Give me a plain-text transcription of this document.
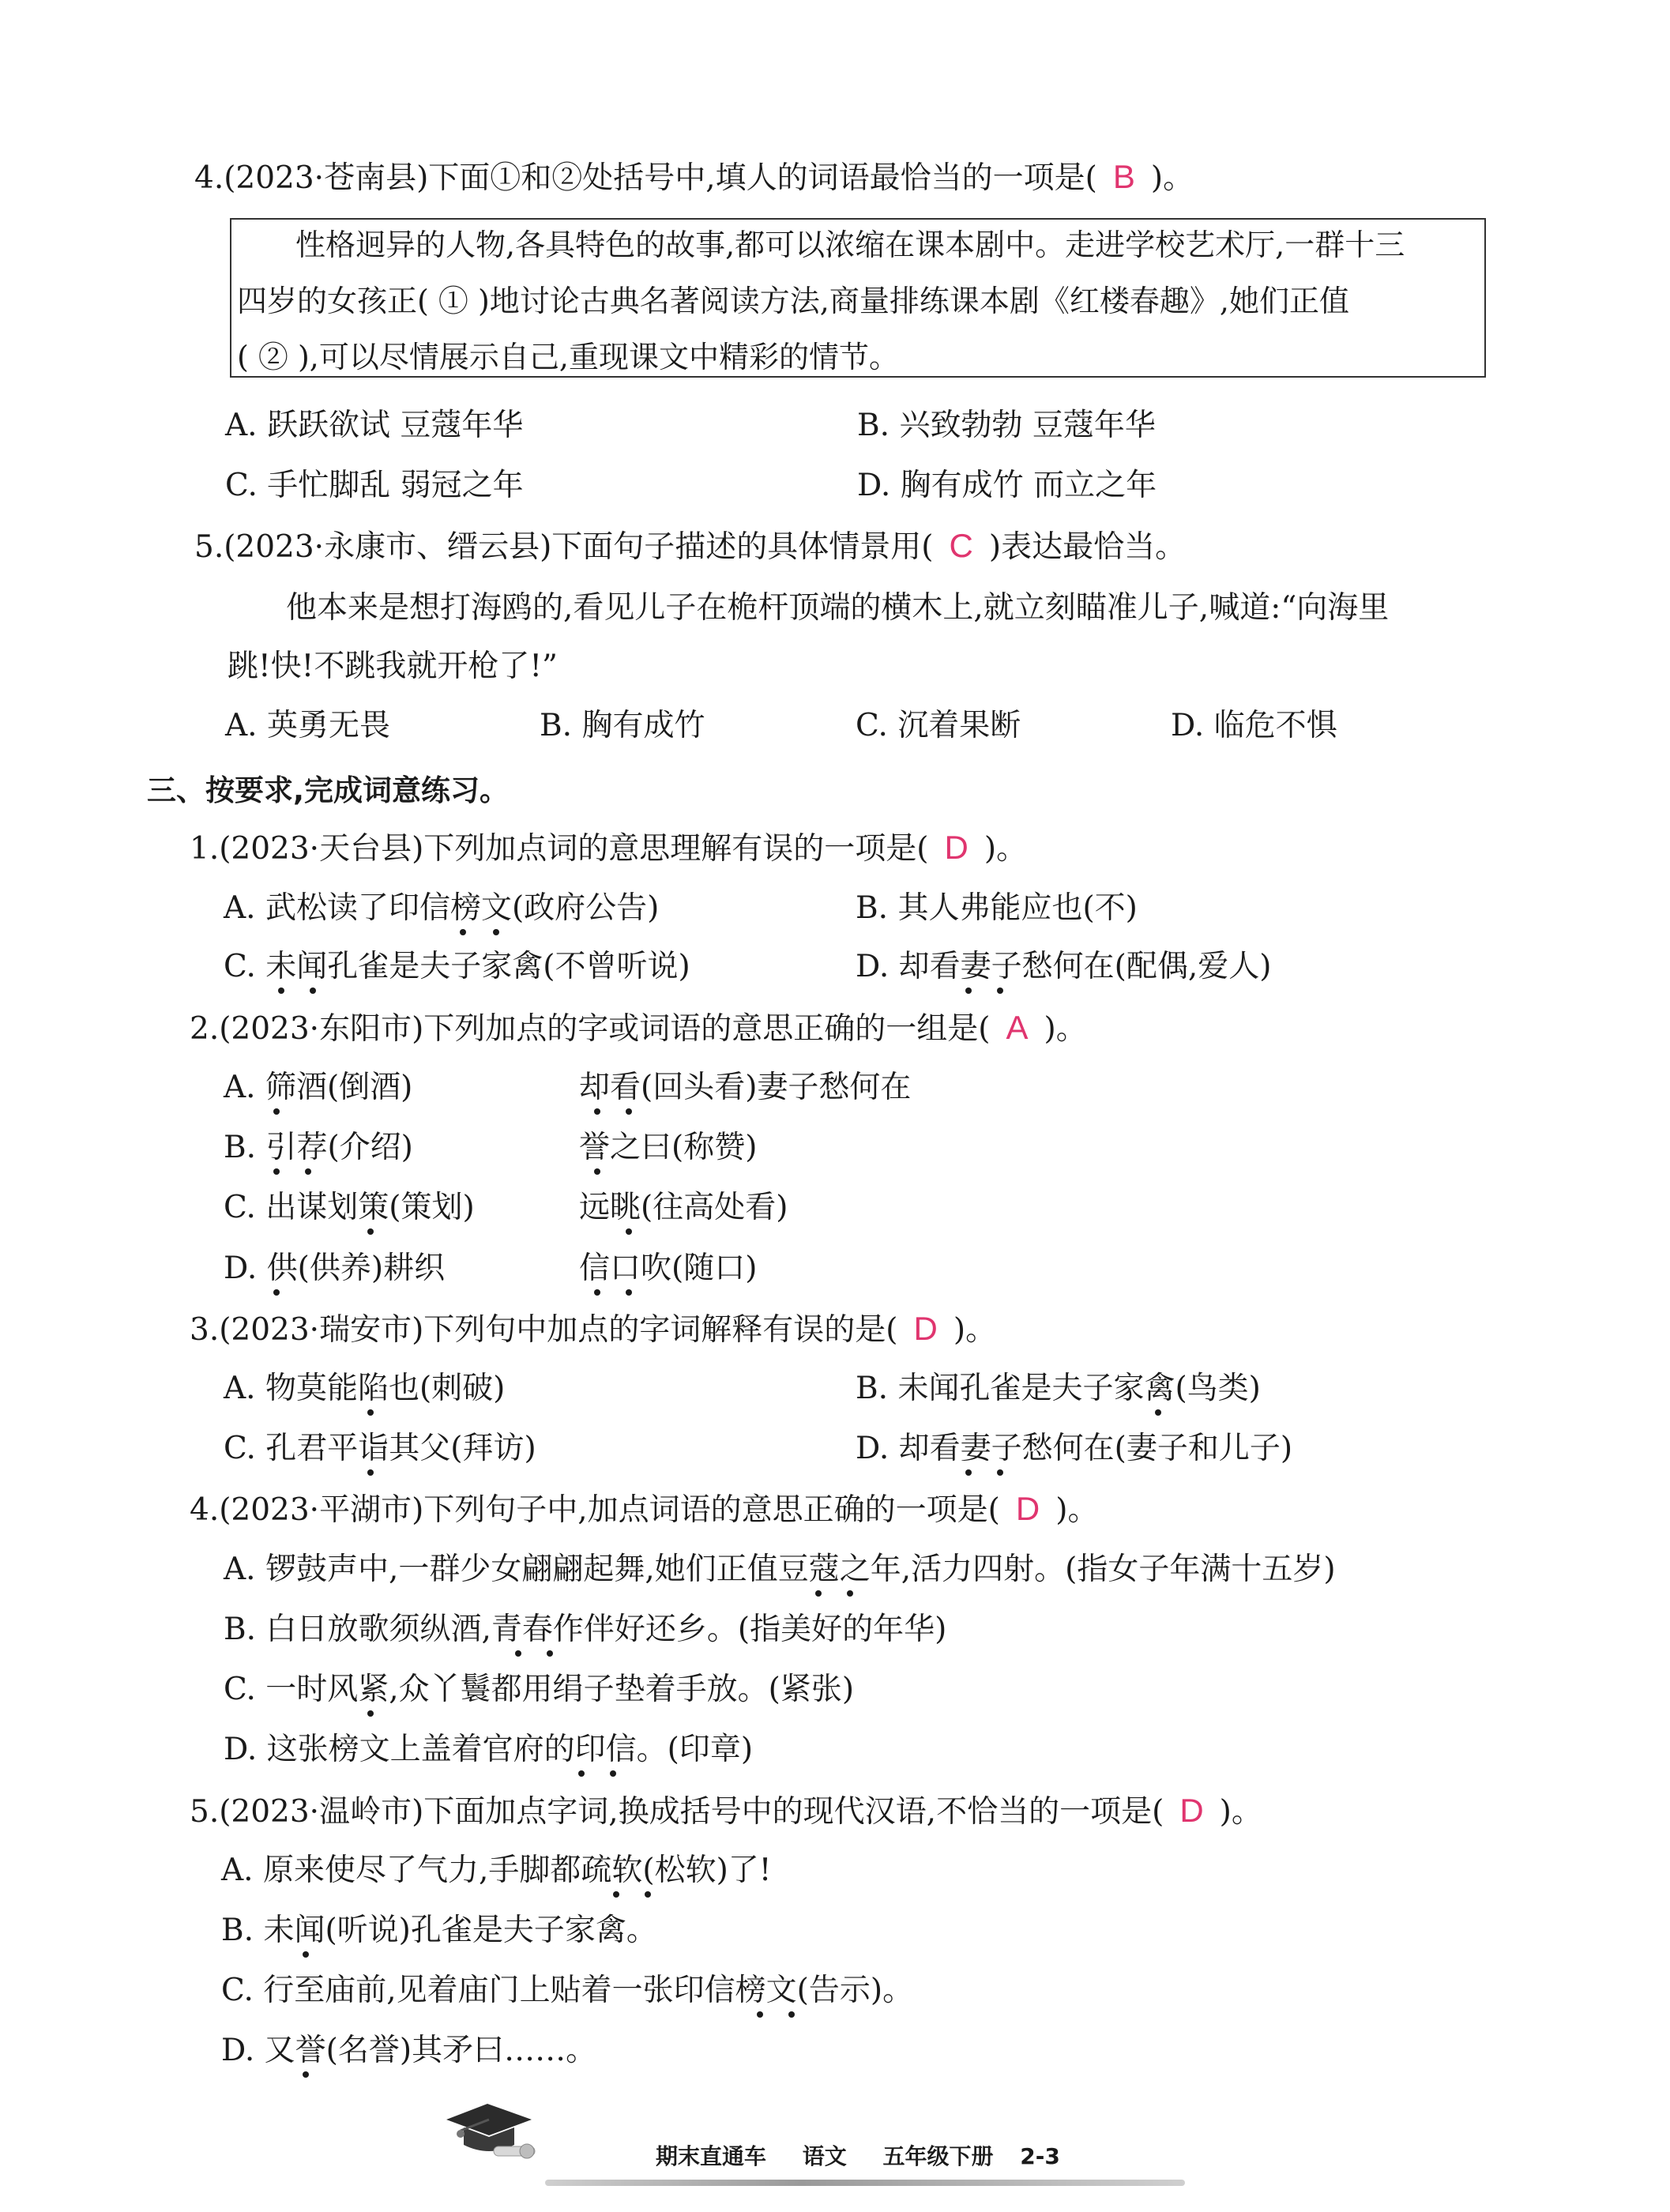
4.(2023·苍南县)下面①和②处括号中,填人的词语最恰当的一项是( B )。
性格迥异的人物,各具特色的故事,都可以浓缩在课本剧中。走进学校艺术厅,一群十三
四岁的女孩正( ① )地讨论古典名著阅读方法,商量排练课本剧《红楼春趣》,她们正值
( ② ),可以尽情展示自己,重现课文中精彩的情节。
A. 跃跃欲试 豆蔻年华	B. 兴致勃勃 豆蔻年华
C. 手忙脚乱 弱冠之年	D. 胸有成竹 而立之年
5.(2023·永康市、缙云县)下面句子描述的具体情景用( C )表达最恰当。
他本来是想打海鸥的,看见儿子在桅杆顶端的横木上,就立刻瞄准儿子,喊道:“向海里
跳!快!不跳我就开枪了!”
A. 英勇无畏	B. 胸有成竹	C. 沉着果断	D. 临危不惧
三、按要求,完成词意练习。
1.(2023·天台县)下列加点词的意思理解有误的一项是( D )。
A. 武松读了印信榜文(政府公告)	B. 其人弗能应也(不)
C. 未闻孔雀是夫子家禽(不曾听说)	D. 却看妻子愁何在(配偶,爱人)
2.(2023·东阳市)下列加点的字或词语的意思正确的一组是( A )。
A. 筛酒(倒酒)	却看(回头看)妻子愁何在
B. 引荐(介绍)	誉之曰(称赞)
C. 出谋划策(策划)	远眺(往高处看)
D. 供(供养)耕织	信口吹(随口)
3.(2023·瑞安市)下列句中加点的字词解释有误的是( D )。
A. 物莫能陷也(刺破)	B. 未闻孔雀是夫子家禽(鸟类)
C. 孔君平诣其父(拜访)	D. 却看妻子愁何在(妻子和儿子)
4.(2023·平湖市)下列句子中,加点词语的意思正确的一项是( D )。
A. 锣鼓声中,一群少女翩翩起舞,她们正值豆蔻之年,活力四射。(指女子年满十五岁)
B. 白日放歌须纵酒,青春作伴好还乡。(指美好的年华)
C. 一时风紧,众丫鬟都用绢子垫着手放。(紧张)
D. 这张榜文上盖着官府的印信。(印章)
5.(2023·温岭市)下面加点字词,换成括号中的现代汉语,不恰当的一项是( D )。
A. 原来使尽了气力,手脚都疏软(松软)了!
B. 未闻(听说)孔雀是夫子家禽。
C. 行至庙前,见着庙门上贴着一张印信榜文(告示)。
D. 又誉(名誉)其矛曰……。
期末直通车 语文 五年级下册 2-3
